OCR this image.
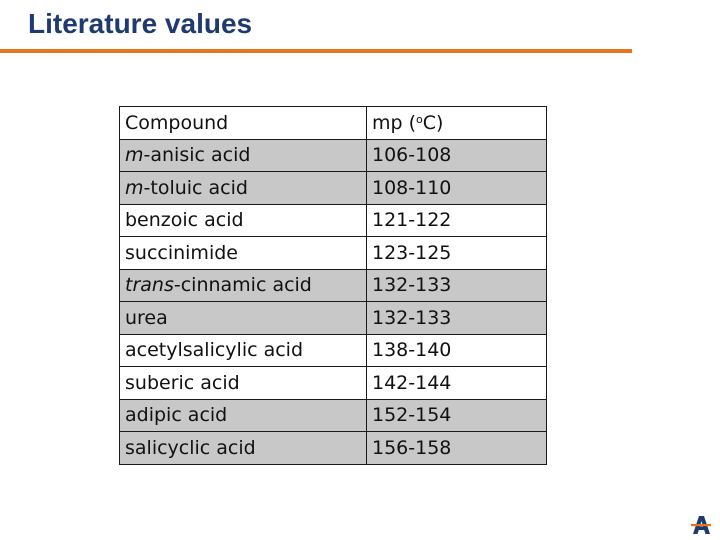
Literature values
Compound	mp ($^o$C)
m-anisic acid	106-108
m-toluic acid	108-110
benzoic acid	121-122
succinimide	123-125
trans-cinnamic acid	132-133
urea	132-133
acetylsalicylic acid	138-140
suberic acid	142-144
adipic acid	152-154
salicyclic acid	156-158
